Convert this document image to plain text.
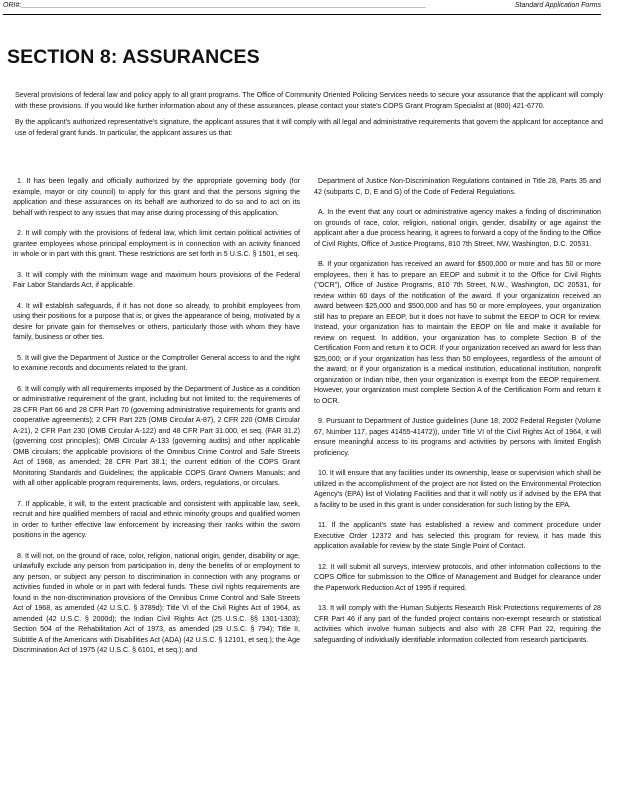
ORI#:________________________________________________________________________________________________________	Standard Application Forms
SECTION 8: ASSURANCES

Several provisions of federal law and policy apply to all grant programs. The Office of Community Oriented Policing Services needs to secure your assurance that the applicant will comply with these provisions. If you would like further information about any of these assurances, please contact your state's COPS Grant Program Specialist at (800) 421-6770.

By the applicant's authorized representative's signature, the applicant assures that it will comply with all legal and administrative requirements that govern the applicant for acceptance and use of federal grant funds. In particular, the applicant assures us that:

1. It has been legally and officially authorized by the appropriate governing body (for example, mayor or city council) to apply for this grant and that the persons signing the application and these assurances on its behalf are authorized to do so and to act on its behalf with respect to any issues that may arise during processing of this application.

2. It will comply with the provisions of federal law, which limit certain political activities of grantee employees whose principal employment is in connection with an activity financed in whole or in part with this grant. These restrictions are set forth in 5 U.S.C. § 1501, et seq.

3. It will comply with the minimum wage and maximum hours provisions of the Federal Fair Labor Standards Act, if applicable.

4. It will establish safeguards, if it has not done so already, to prohibit employees from using their positions for a purpose that is, or gives the appearance of being, motivated by a desire for private gain for themselves or others, particularly those with whom they have family, business or other ties.

5. It will give the Department of Justice or the Comptroller General access to and the right to examine records and documents related to the grant.

6. It will comply with all requirements imposed by the Department of Justice as a condition or administrative requirement of the grant, including but not limited to: the requirements of 28 CFR Part 66 and 28 CFR Part 70 (governing administrative requirements for grants and cooperative agreements); 2 CFR Part 225 (OMB Circular A-87), 2 CFR 220 (OMB Circular A-21), 2 CFR Part 230 (OMB Circular A-122) and 48 CFR Part 31.000, et seq. (FAR 31.2) (governing cost principles); OMB Circular A-133 (governing audits) and other applicable OMB circulars; the applicable provisions of the Omnibus Crime Control and Safe Streets Act of 1968, as amended; 28 CFR Part 38.1; the current edition of the COPS Grant Monitoring Standards and Guidelines; the applicable COPS Grant Owners Manuals; and with all other applicable program requirements, laws, orders, regulations, or circulars.

7. If applicable, it will, to the extent practicable and consistent with applicable law, seek, recruit and hire qualified members of racial and ethnic minority groups and qualified women in order to further effective law enforcement by increasing their ranks within the sworn positions in the agency.

8. It will not, on the ground of race, color, religion, national origin, gender, disability or age, unlawfully exclude any person from participation in, deny the benefits of or employment to any person, or subject any person to discrimination in connection with any programs or activities funded in whole or in part with federal funds. These civil rights requirements are found in the non-discrimination provisions of the Omnibus Crime Control and Safe Streets Act of 1968, as amended (42 U.S.C. § 3789d); Title VI of the Civil Rights Act of 1964, as amended (42 U.S.C. § 2000d); the Indian Civil Rights Act (25 U.S.C. §§ 1301-1303); Section 504 of the Rehabilitation Act of 1973, as amended (29 U.S.C. § 794); Title II, Subtitle A of the Americans with Disabilities Act (ADA) (42 U.S.C. § 12101, et seq.); the Age Discrimination Act of 1975 (42 U.S.C. § 6101, et seq.); and

Department of Justice Non-Discrimination Regulations contained in Title 28, Parts 35 and 42 (subparts C, D, E and G) of the Code of Federal Regulations.

A. In the event that any court or administrative agency makes a finding of discrimination on grounds of race, color, religion, national origin, gender, disability or age against the applicant after a due process hearing, it agrees to forward a copy of the finding to the Office of Civil Rights, Office of Justice Programs, 810 7th Street, NW, Washington, D.C. 20531.

B. If your organization has received an award for $500,000 or more and has 50 or more employees, then it has to prepare an EEOP and submit it to the Office for Civil Rights ("OCR"), Office of Justice Programs, 810 7th Street, N.W., Washington, DC 20531, for review within 60 days of the notification of the award. If your organization received an award between $25,000 and $500,000 and has 50 or more employees, your organization still has to prepare an EEOP, but it does not have to submit the EEOP to OCR for review. Instead, your organization has to maintain the EEOP on file and make it available for review on request. In addition, your organization has to complete Section B of the Certification Form and return it to OCR. If your organization received an award for less than $25,000; or if your organization has less than 50 employees, regardless of the amount of the award; or if your organization is a medical institution, educational institution, nonprofit organization or Indian tribe, then your organization is exempt from the EEOP requirement. However, your organization must complete Section A of the Certification Form and return it to OCR.

9. Pursuant to Department of Justice guidelines (June 18, 2002 Federal Register (Volume 67, Number 117, pages 41455-41472)), under Title VI of the Civil Rights Act of 1964, it will ensure meaningful access to its programs and activities by persons with limited English proficiency.

10. It will ensure that any facilities under its ownership, lease or supervision which shall be utilized in the accomplishment of the project are not listed on the Environmental Protection Agency's (EPA) list of Violating Facilities and that it will notify us if advised by the EPA that a facility to be used in this grant is under consideration for such listing by the EPA.

11. If the applicant's state has established a review and comment procedure under Executive Order 12372 and has selected this program for review, it has made this application available for review by the state Single Point of Contact.

12. It will submit all surveys, interview protocols, and other information collections to the COPS Office for submission to the Office of Management and Budget for clearance under the Paperwork Reduction Act of 1995 if required.

13. It will comply with the Human Subjects Research Risk Protections requirements of 28 CFR Part 46 if any part of the funded project contains non-exempt research or statistical activities which involve human subjects and also with 28 CFR Part 22, requiring the safeguarding of individually identifiable information collected from research participants.
